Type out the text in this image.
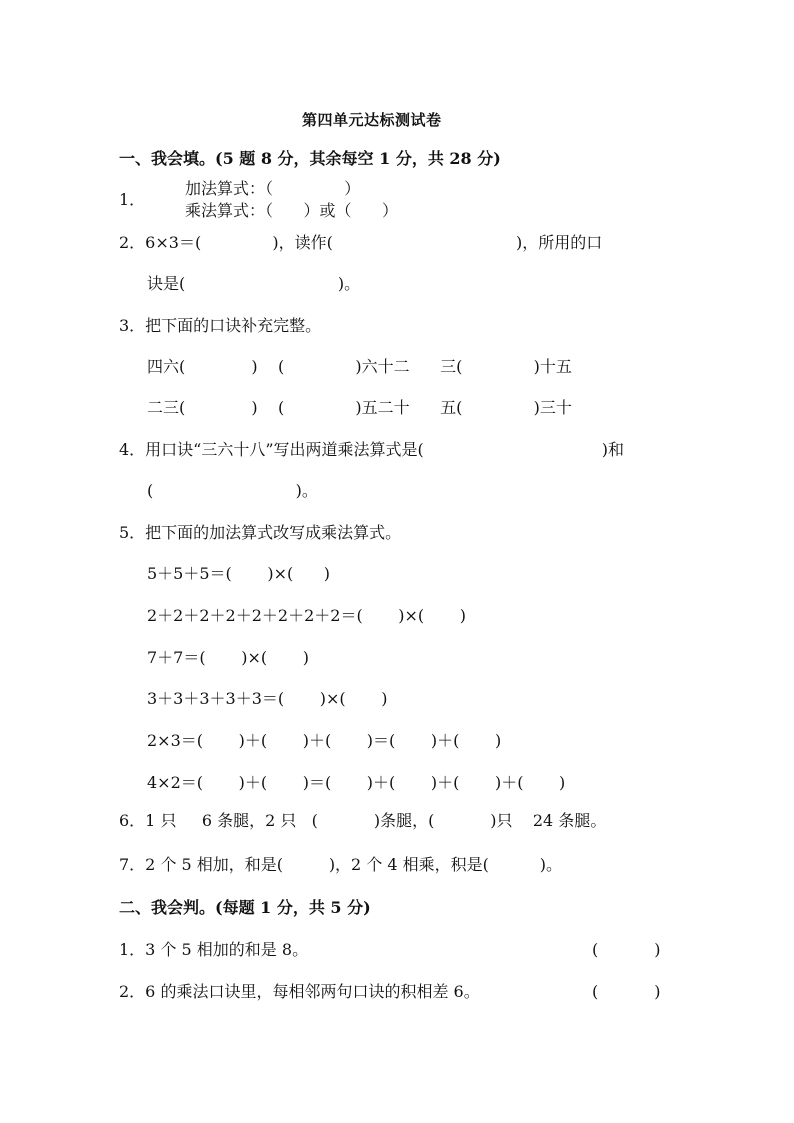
第四单元达标测试卷
一、我会填。(5 题 8 分，其余每空 1 分，共 28 分)
1．
加法算式：（              ）
乘法算式：（      ）或（      ）
2．6×3＝(              )，读作(                                    )，所用的口
诀是(                              )。
3．把下面的口诀补充完整。
四六(             )    (              )六十二      三(              )十五
二三(             )    (              )五二十      五(              )三十
4．用口诀“三六十八”写出两道乘法算式是(                                   )和
(                            )。
5．把下面的加法算式改写成乘法算式。
5＋5＋5＝(       )×(      )
2＋2＋2＋2＋2＋2＋2＋2＝(       )×(       )
7＋7＝(       )×(       )
3＋3＋3＋3＋3＝(       )×(       )
2×3＝(       )＋(       )＋(       )＝(       )＋(       )
4×2＝(       )＋(       )＝(       )＋(       )＋(       )＋(       )
6．1 只     6 条腿，2 只   (           )条腿，(           )只    24 条腿。
7．2 个 5 相加，和是(         )，2 个 4 相乘，积是(          )。
二、我会判。(每题 1 分，共 5 分)
1．3 个 5 相加的和是 8。	(           )
2．6 的乘法口诀里，每相邻两句口诀的积相差 6。	(           )
